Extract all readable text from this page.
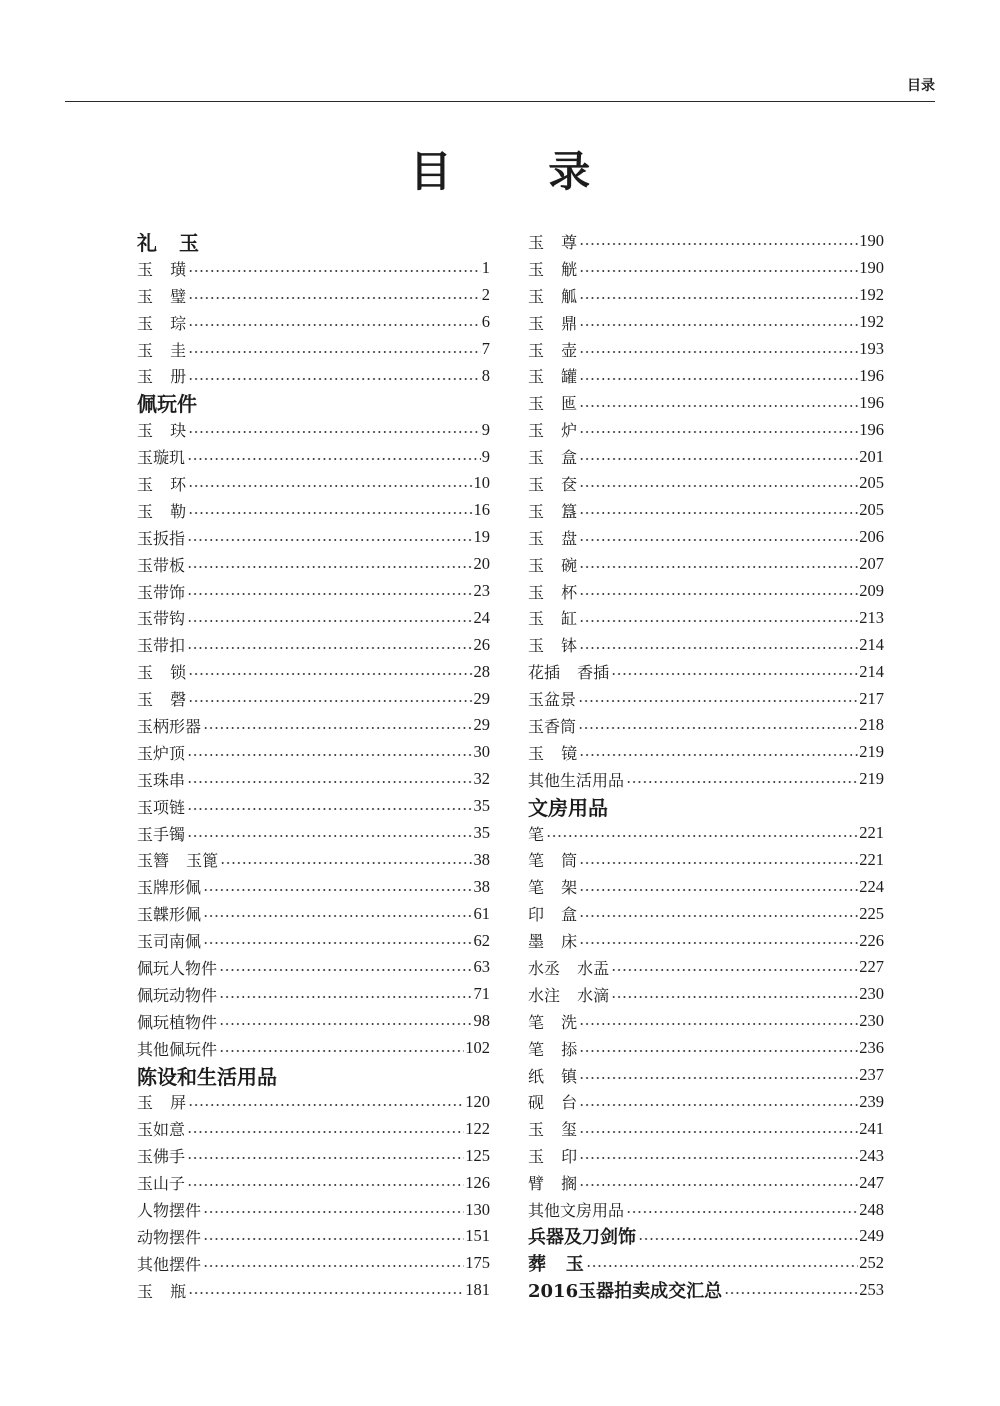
目录
目 录
礼 玉
玉 璜	1
玉 璧	2
玉 琮	6
玉 圭	7
玉 册	8
佩玩件
玉 玦	9
玉璇玑	9
玉 环	10
玉 勒	16
玉扳指	19
玉带板	20
玉带饰	23
玉带钩	24
玉带扣	26
玉 锁	28
玉 磬	29
玉柄形器	29
玉炉顶	30
玉珠串	32
玉项链	35
玉手镯	35
玉簪 玉篦	38
玉牌形佩	38
玉韘形佩	61
玉司南佩	62
佩玩人物件	63
佩玩动物件	71
佩玩植物件	98
其他佩玩件	102
陈设和生活用品
玉 屏	120
玉如意	122
玉佛手	125
玉山子	126
人物摆件	130
动物摆件	151
其他摆件	175
玉 瓶	181
玉 尊	190
玉 觥	190
玉 觚	192
玉 鼎	192
玉 壶	193
玉 罐	196
玉 匜	196
玉 炉	196
玉 盒	201
玉 奁	205
玉 簋	205
玉 盘	206
玉 碗	207
玉 杯	209
玉 缸	213
玉 钵	214
花插 香插	214
玉盆景	217
玉香筒	218
玉 镜	219
其他生活用品	219
文房用品
笔	221
笔 筒	221
笔 架	224
印 盒	225
墨 床	226
水丞 水盂	227
水注 水滴	230
笔 洗	230
笔 掭	236
纸 镇	237
砚 台	239
玉 玺	241
玉 印	243
臂 搁	247
其他文房用品	248
兵器及刀剑饰	249
葬 玉	252
2016玉器拍卖成交汇总	253
